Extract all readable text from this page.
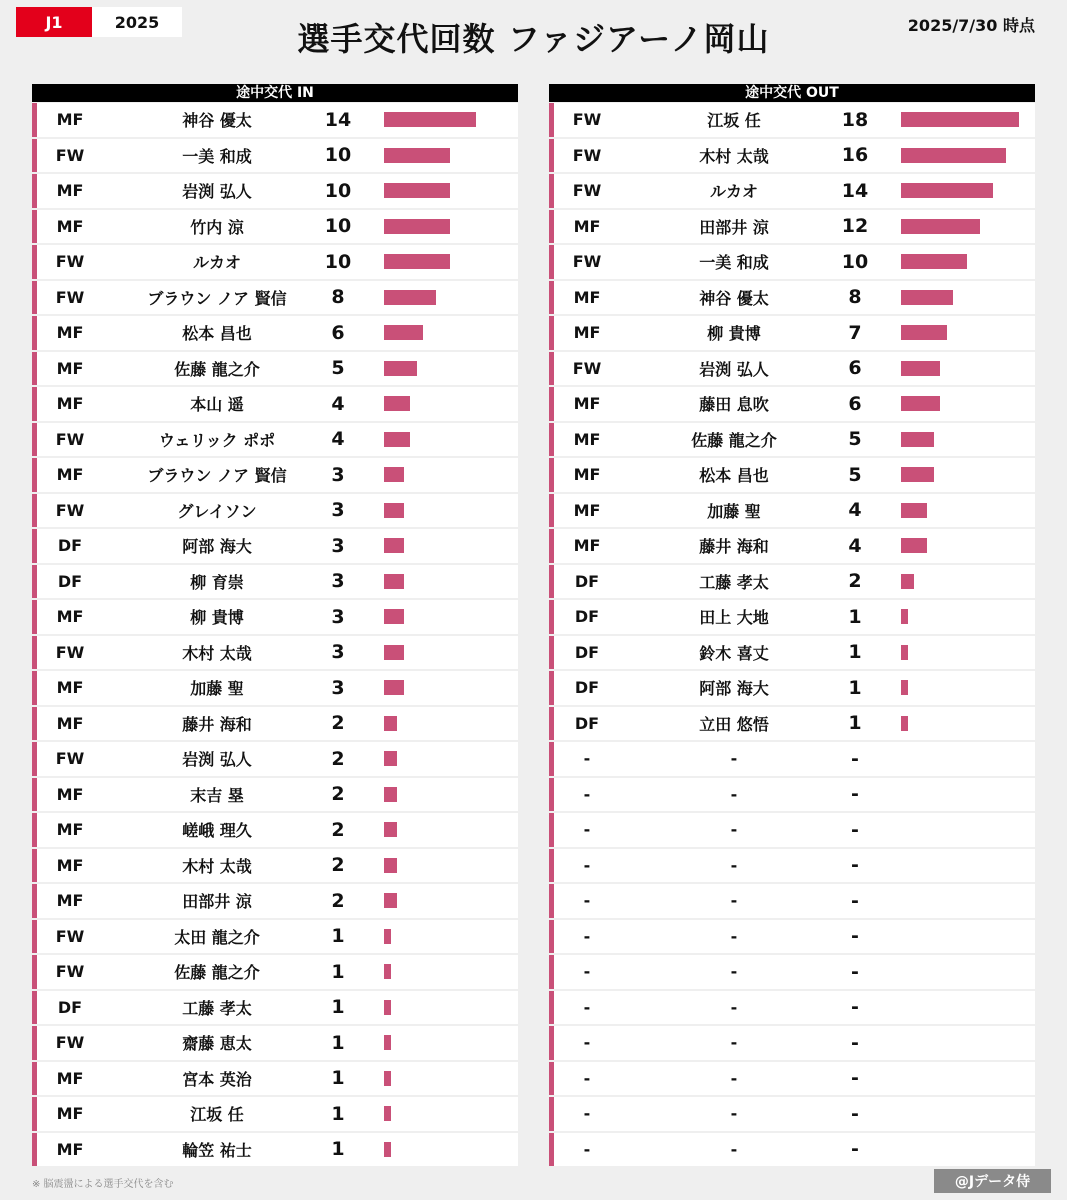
J1	2025	選手交代回数 ファジアーノ岡山	2025/7/30 時点
途中交代 IN
MF	神谷 優太	14
FW	一美 和成	10
MF	岩渕 弘人	10
MF	竹内 涼	10
FW	ルカオ	10
FW	ブラウン ノア 賢信	8
MF	松本 昌也	6
MF	佐藤 龍之介	5
MF	本山 遥	4
FW	ウェリック ポポ	4
MF	ブラウン ノア 賢信	3
FW	グレイソン	3
DF	阿部 海大	3
DF	柳 育崇	3
MF	柳 貴博	3
FW	木村 太哉	3
MF	加藤 聖	3
MF	藤井 海和	2
FW	岩渕 弘人	2
MF	末吉 塁	2
MF	嵯峨 理久	2
MF	木村 太哉	2
MF	田部井 涼	2
FW	太田 龍之介	1
FW	佐藤 龍之介	1
DF	工藤 孝太	1
FW	齋藤 恵太	1
MF	宮本 英治	1
MF	江坂 任	1
MF	輪笠 祐士	1
途中交代 OUT
FW	江坂 任	18
FW	木村 太哉	16
FW	ルカオ	14
MF	田部井 涼	12
FW	一美 和成	10
MF	神谷 優太	8
MF	柳 貴博	7
FW	岩渕 弘人	6
MF	藤田 息吹	6
MF	佐藤 龍之介	5
MF	松本 昌也	5
MF	加藤 聖	4
MF	藤井 海和	4
DF	工藤 孝太	2
DF	田上 大地	1
DF	鈴木 喜丈	1
DF	阿部 海大	1
DF	立田 悠悟	1
-	-	-
-	-	-
-	-	-
-	-	-
-	-	-
-	-	-
-	-	-
-	-	-
-	-	-
-	-	-
-	-	-
-	-	-
※ 脳震盪による選手交代を含む	@Jデータ侍
